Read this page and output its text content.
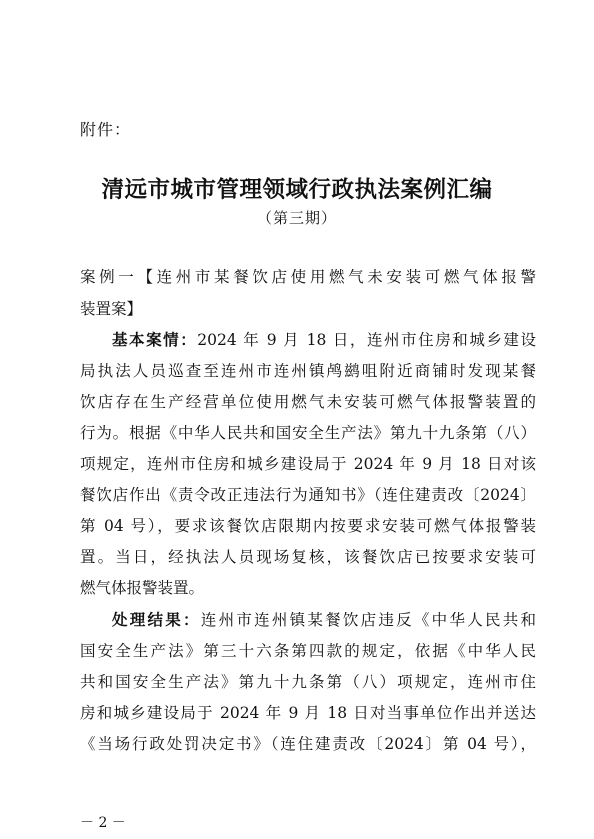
附件：
清远市城市管理领域行政执法案例汇编
（第三期）
案例一【连州市某餐饮店使用燃气未安装可燃气体报警
装置案】
基本案情：2024 年 9 月 18 日，连州市住房和城乡建设
局执法人员巡查至连州市连州镇鸬鹚咀附近商铺时发现某餐
饮店存在生产经营单位使用燃气未安装可燃气体报警装置的
行为。根据《中华人民共和国安全生产法》第九十九条第（八）
项规定，连州市住房和城乡建设局于 2024 年 9 月 18 日对该
餐饮店作出《责令改正违法行为通知书》（连住建责改〔2024〕
第 04 号），要求该餐饮店限期内按要求安装可燃气体报警装
置。当日，经执法人员现场复核，该餐饮店已按要求安装可
燃气体报警装置。
处理结果：连州市连州镇某餐饮店违反《中华人民共和
国安全生产法》第三十六条第四款的规定，依据《中华人民
共和国安全生产法》第九十九条第（八）项规定，连州市住
房和城乡建设局于 2024 年 9 月 18 日对当事单位作出并送达
《当场行政处罚决定书》（连住建责改〔2024〕第 04 号），
－ 2 －
